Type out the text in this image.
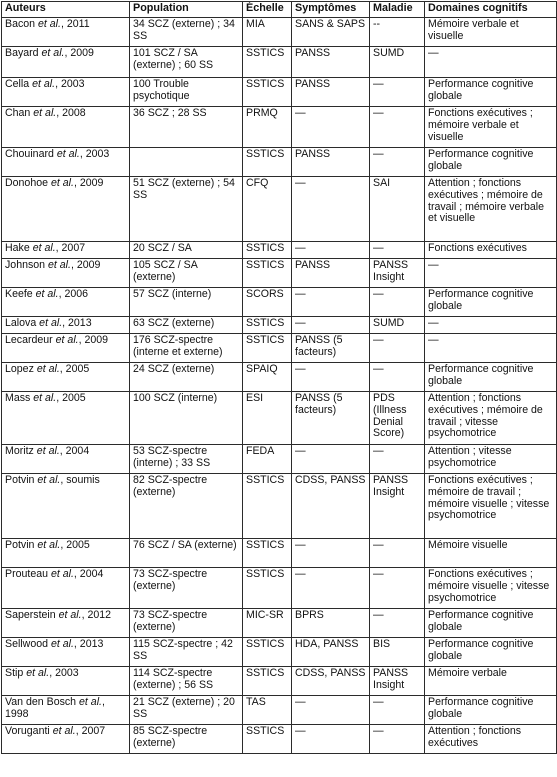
Auteurs	Population	Échelle	Symptômes	Maladie	Domaines cognitifs
Bacon et al., 2011	34 SCZ (externe) ; 34 SS	MIA	SANS & SAPS	--	Mémoire verbale et visuelle
Bayard et al., 2009	101 SCZ / SA (externe) ; 60 SS	SSTICS	PANSS	SUMD	—
Cella et al., 2003	100 Trouble psychotique	SSTICS	PANSS	—	Performance cognitive globale
Chan et al., 2008	36 SCZ ; 28 SS	PRMQ	—	—	Fonctions exécutives ; mémoire verbale et visuelle
Chouinard et al., 2003		SSTICS	PANSS	—	Performance cognitive globale
Donohoe et al., 2009	51 SCZ (externe) ; 54 SS	CFQ	—	SAI	Attention ; fonctions exécutives ; mémoire de travail ; mémoire verbale et visuelle
Hake et al., 2007	20 SCZ / SA	SSTICS	—	—	Fonctions exécutives
Johnson et al., 2009	105 SCZ / SA (externe)	SSTICS	PANSS	PANSS Insight	—
Keefe et al., 2006	57 SCZ (interne)	SCORS	—	—	Performance cognitive globale
Lalova et al., 2013	63 SCZ (externe)	SSTICS	—	SUMD	—
Lecardeur et al., 2009	176 SCZ-spectre (interne et externe)	SSTICS	PANSS (5 facteurs)	—	—
Lopez et al., 2005	24 SCZ (externe)	SPAIQ	—	—	Performance cognitive globale
Mass et al., 2005	100 SCZ (interne)	ESI	PANSS (5 facteurs)	PDS (Illness Denial Score)	Attention ; fonctions exécutives ; mémoire de travail ; vitesse psychomotrice
Moritz et al., 2004	53 SCZ-spectre (interne) ; 33 SS	FEDA	—	—	Attention ; vitesse psychomotrice
Potvin et al., soumis	82 SCZ-spectre (externe)	SSTICS	CDSS, PANSS	PANSS Insight	Fonctions exécutives ; mémoire de travail ; mémoire visuelle ; vitesse psychomotrice
Potvin et al., 2005	76 SCZ / SA (externe)	SSTICS	—	—	Mémoire visuelle
Prouteau et al., 2004	73 SCZ-spectre (externe)	SSTICS	—	—	Fonctions exécutives ; mémoire visuelle ; vitesse psychomotrice
Saperstein et al., 2012	73 SCZ-spectre (externe)	MIC-SR	BPRS	—	Performance cognitive globale
Sellwood et al., 2013	115 SCZ-spectre ; 42 SS	SSTICS	HDA, PANSS	BIS	Performance cognitive globale
Stip et al., 2003	114 SCZ-spectre (externe) ; 56 SS	SSTICS	CDSS, PANSS	PANSS Insight	Mémoire verbale
Van den Bosch et al., 1998	21 SCZ (externe) ; 20 SS	TAS	—	—	Performance cognitive globale
Voruganti et al., 2007	85 SCZ-spectre (externe)	SSTICS	—	—	Attention ; fonctions exécutives
